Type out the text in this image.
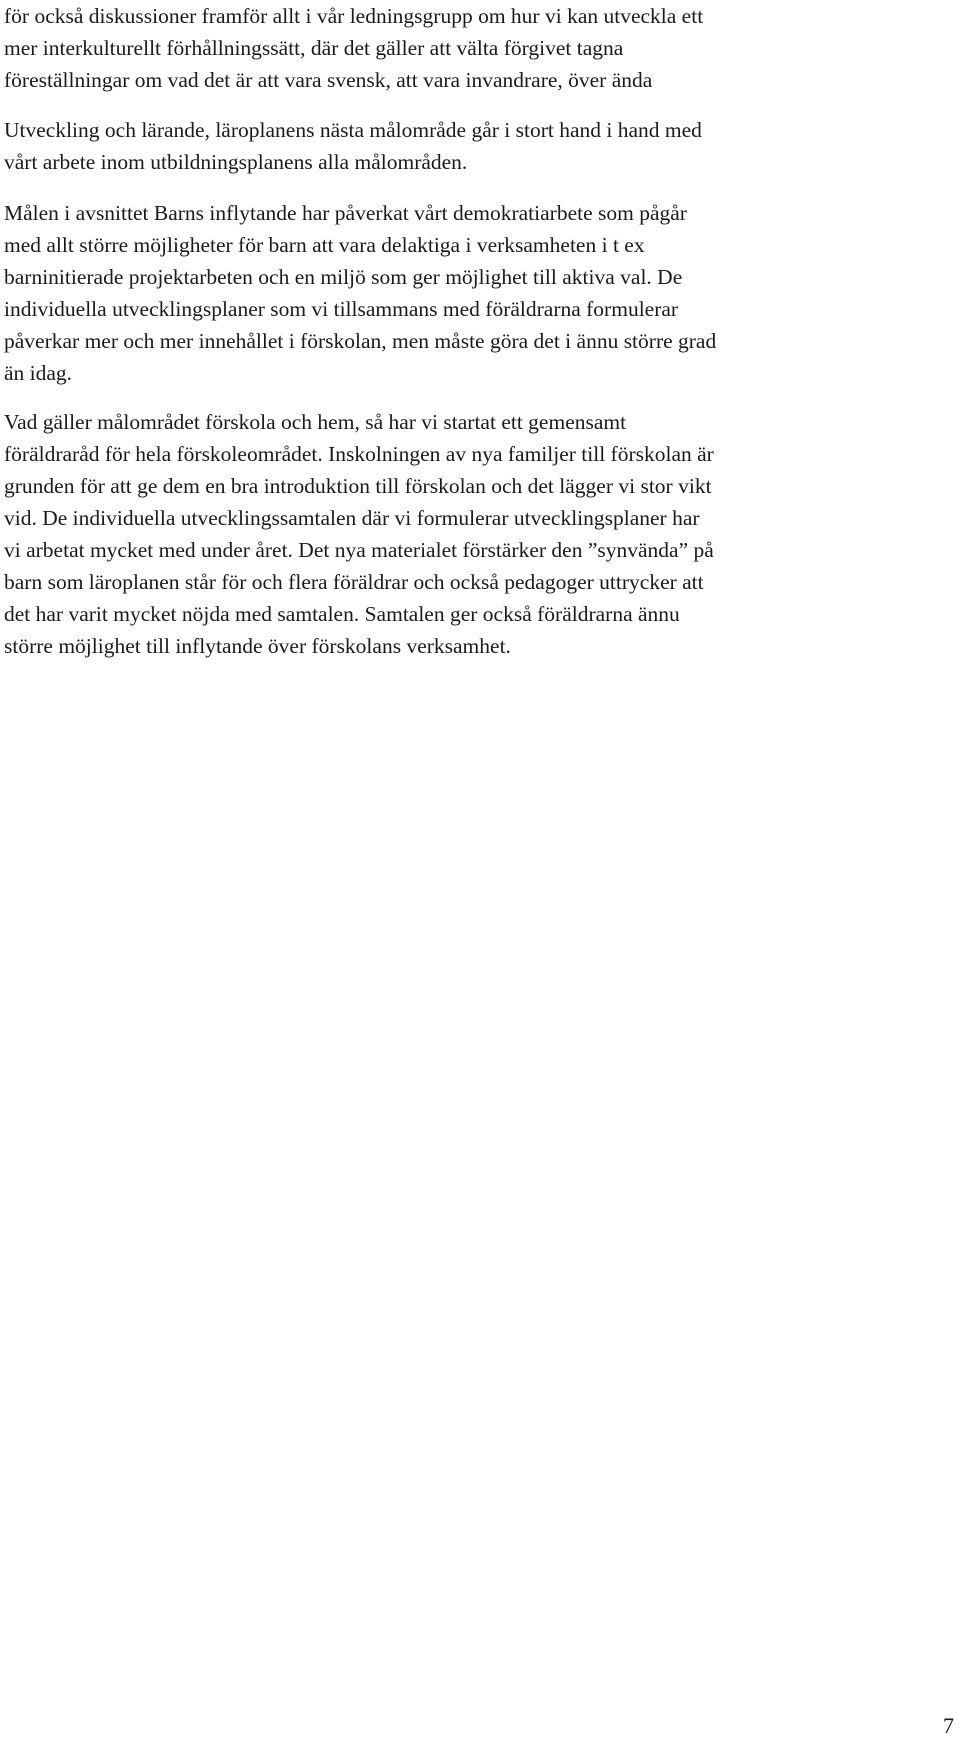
för också diskussioner framför allt i vår ledningsgrupp om hur vi kan utveckla ett
mer interkulturellt förhållningssätt, där det gäller att välta förgivet tagna
föreställningar om vad det är att vara svensk, att vara invandrare, över ända

Utveckling och lärande, läroplanens nästa målområde går i stort hand i hand med
vårt arbete inom utbildningsplanens alla målområden.

Målen i avsnittet Barns inflytande har påverkat vårt demokratiarbete som pågår
med allt större möjligheter för barn att vara delaktiga i verksamheten i t ex
barninitierade projektarbeten och en miljö som ger möjlighet till aktiva val. De
individuella utvecklingsplaner som vi tillsammans med föräldrarna formulerar
påverkar mer och mer innehållet i förskolan, men måste göra det i ännu större grad
än idag.

Vad gäller målområdet förskola och hem, så har vi startat ett gemensamt
föräldraråd för hela förskoleområdet. Inskolningen av nya familjer till förskolan är
grunden för att ge dem en bra introduktion till förskolan och det lägger vi stor vikt
vid. De individuella utvecklingssamtalen där vi formulerar utvecklingsplaner har
vi arbetat mycket med under året. Det nya materialet förstärker den ”synvända” på
barn som läroplanen står för och flera föräldrar och också pedagoger uttrycker att
det har varit mycket nöjda med samtalen. Samtalen ger också föräldrarna ännu
större möjlighet till inflytande över förskolans verksamhet.

7
